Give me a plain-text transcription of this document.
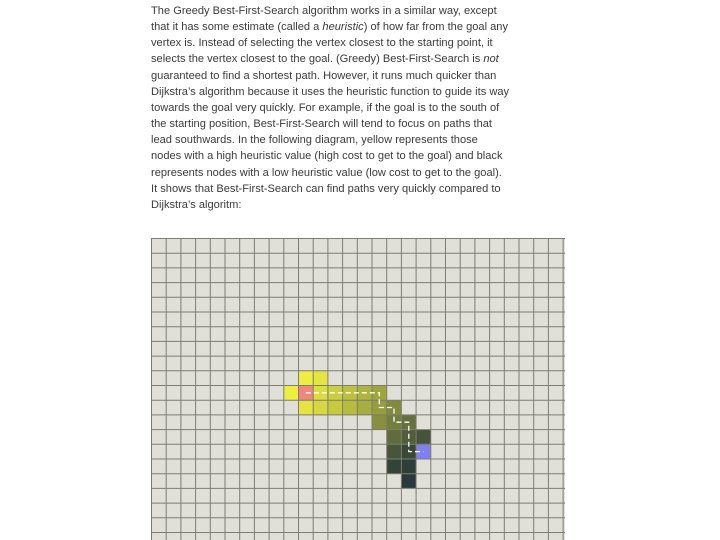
The Greedy Best-First-Search algorithm works in a similar way, except that it has some estimate (called a heuristic) of how far from the goal any vertex is. Instead of selecting the vertex closest to the starting point, it selects the vertex closest to the goal. (Greedy) Best-First-Search is not guaranteed to find a shortest path. However, it runs much quicker than Dijkstra’s algorithm because it uses the heuristic function to guide its way towards the goal very quickly. For example, if the goal is to the south of the starting position, Best-First-Search will tend to focus on paths that lead southwards. In the following diagram, yellow represents those nodes with a high heuristic value (high cost to get to the goal) and black represents nodes with a low heuristic value (low cost to get to the goal). It shows that Best-First-Search can find paths very quickly compared to Dijkstra’s algoritm:
